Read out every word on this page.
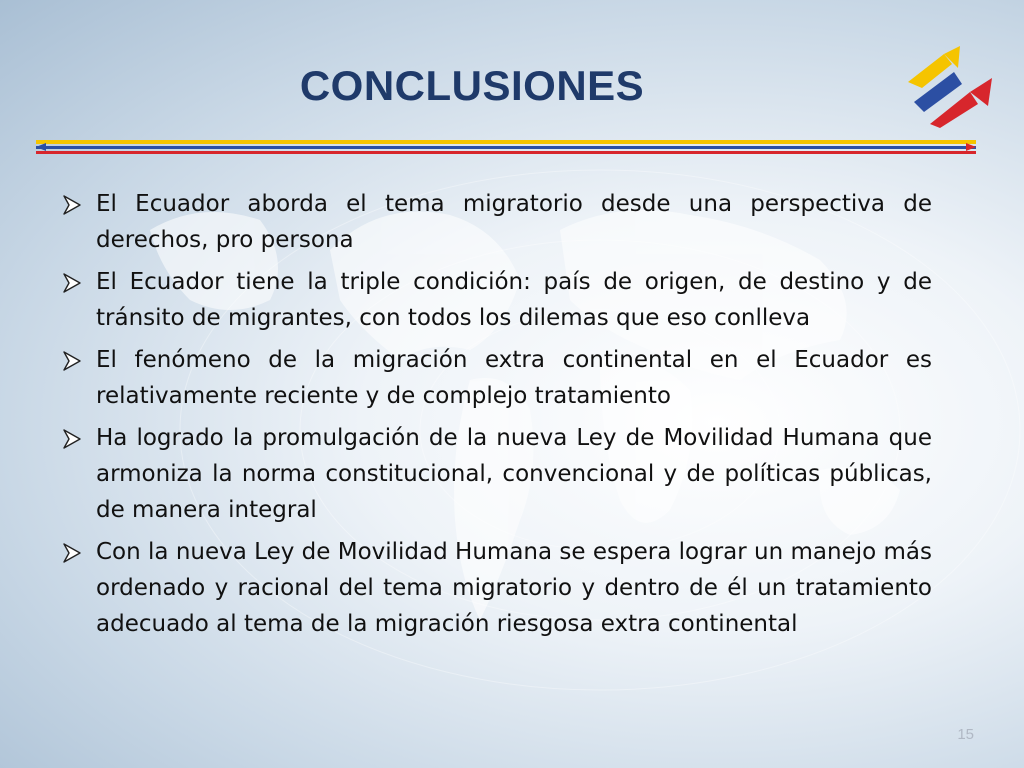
CONCLUSIONES
El Ecuador aborda el tema migratorio desde una perspectiva de derechos, pro persona
El Ecuador tiene la triple condición: país de origen, de destino y de tránsito de migrantes, con todos los dilemas que eso conlleva
El fenómeno de la migración extra continental en el Ecuador es relativamente reciente y de complejo tratamiento
Ha logrado la promulgación de la nueva Ley de Movilidad Humana que armoniza la norma constitucional, convencional y de políticas públicas, de manera integral
Con la nueva Ley de Movilidad Humana se espera lograr un manejo más ordenado y racional del tema migratorio y dentro de él un tratamiento adecuado al tema de la migración riesgosa extra continental
15
